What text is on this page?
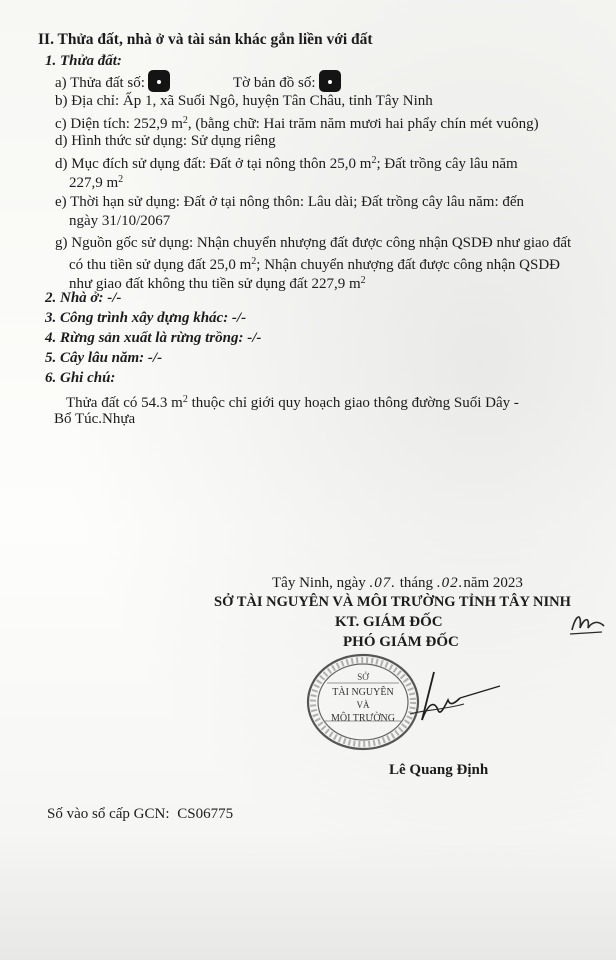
II. Thửa đất, nhà ở và tài sản khác gắn liền với đất
1. Thửa đất:
a) Thửa đất số:	Tờ bản đồ số:
b) Địa chỉ: Ấp 1, xã Suối Ngô, huyện Tân Châu, tỉnh Tây Ninh
c) Diện tích: 252,9 $m^2$, (bằng chữ: Hai trăm năm mươi hai phẩy chín mét vuông)
d) Hình thức sử dụng: Sử dụng riêng
d) Mục đích sử dụng đất: Đất ở tại nông thôn 25,0 $m^2$; Đất trồng cây lâu năm
227,9 $m^2$
e) Thời hạn sử dụng: Đất ở tại nông thôn: Lâu dài; Đất trồng cây lâu năm: đến
ngày 31/10/2067
g) Nguồn gốc sử dụng: Nhận chuyển nhượng đất được công nhận QSDĐ như giao đất
có thu tiền sử dụng đất 25,0 $m^2$; Nhận chuyển nhượng đất được công nhận QSDĐ
như giao đất không thu tiền sử dụng đất 227,9 $m^2$
2. Nhà ở: -/-
3. Công trình xây dựng khác: -/-
4. Rừng sản xuất là rừng trồng: -/-
5. Cây lâu năm: -/-
6. Ghi chú:
Thửa đất có 54.3 $m^2$ thuộc chỉ giới quy hoạch giao thông đường Suối Dây -
Bổ Túc.Nhựa
Tây Ninh, ngày .07. tháng .02.năm 2023
SỞ TÀI NGUYÊN VÀ MÔI TRƯỜNG TỈNH TÂY NINH
KT. GIÁM ĐỐC
PHÓ GIÁM ĐỐC
SỞ
TÀI NGUYÊN
VÀ
MÔI TRƯỜNG
Lê Quang Định
Số vào sổ cấp GCN: CS06775
